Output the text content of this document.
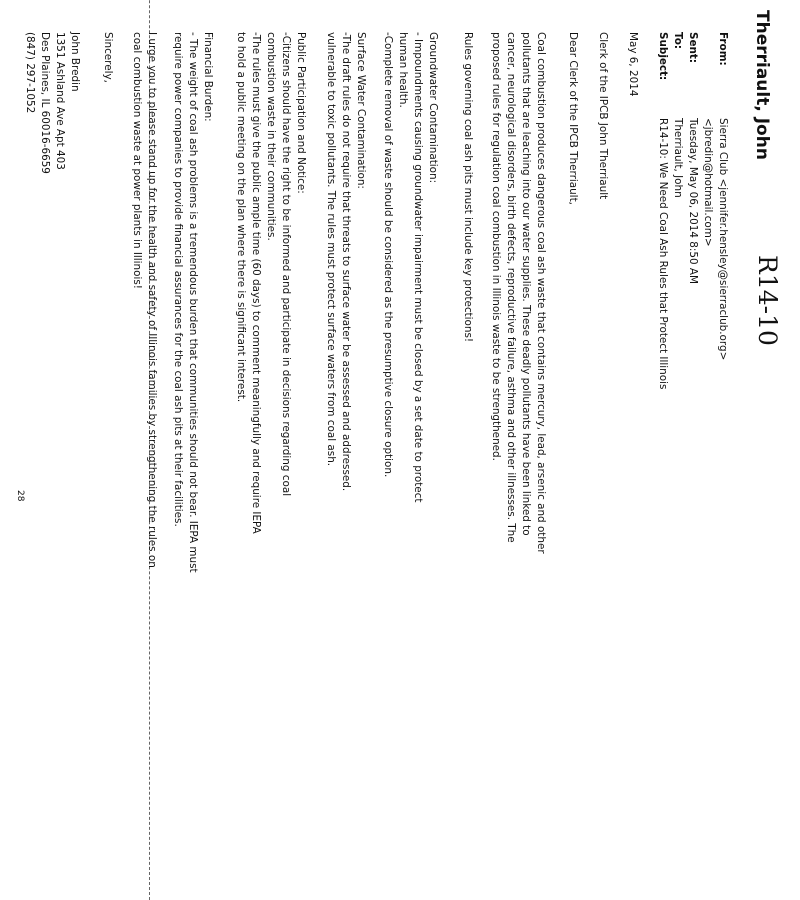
R14-10
Therriault, John
From:
Sierra Club <jennifer.hensley@sierraclub.org>
<jbredin@hotmail.com>
Sent:
Tuesday, May 06, 2014 8:50 AM
To:
Therriault, John
Subject:
R14-10: We Need Coal Ash Rules that Protect Illinois
May 6, 2014
Clerk of the IPCB John Therriault
Dear Clerk of the IPCB Therriault,
Coal combustion produces dangerous coal ash waste that contains mercury, lead, arsenic and other
pollutants that are leaching into our water supplies. These deadly pollutants have been linked to
cancer, neurological disorders, birth defects, reproductive failure, asthma and other illnesses. The
proposed rules for regulation coal combustion in Illinois waste to be strengthened.
Rules governing coal ash pits must include key protections!
Groundwater Contamination:
- Impoundments causing groundwater impairment must be closed by a set date to protect
human health.
-Complete removal of waste should be considered as the presumptive closure option.
Surface Water Contamination:
-The draft rules do not require that threats to surface water be assessed and addressed.
vulnerable to toxic pollutants. The rules must protect surface waters from coal ash.
Public Participation and Notice:
-Citizens should have the right to be informed and participate in decisions regarding coal
combustion waste in their communities.
-The rules must give the public ample time (60 days) to comment meaningfully and require IEPA
to hold a public meeting on the plan where there is significant interest.
Financial Burden:
- The weight of coal ash problems is a tremendous burden that communities should not bear. IEPA must
require power companies to provide financial assurances for the coal ash pits at their facilities.
I urge you to please stand up for the health and safety of Illinois families by strengthening the rules on
coal combustion waste at power plants in Illinois!
Sincerely,
John Bredin
1351 Ashland Ave Apt 403
Des Plaines, IL 60016-6659
(847) 297-1052
28
